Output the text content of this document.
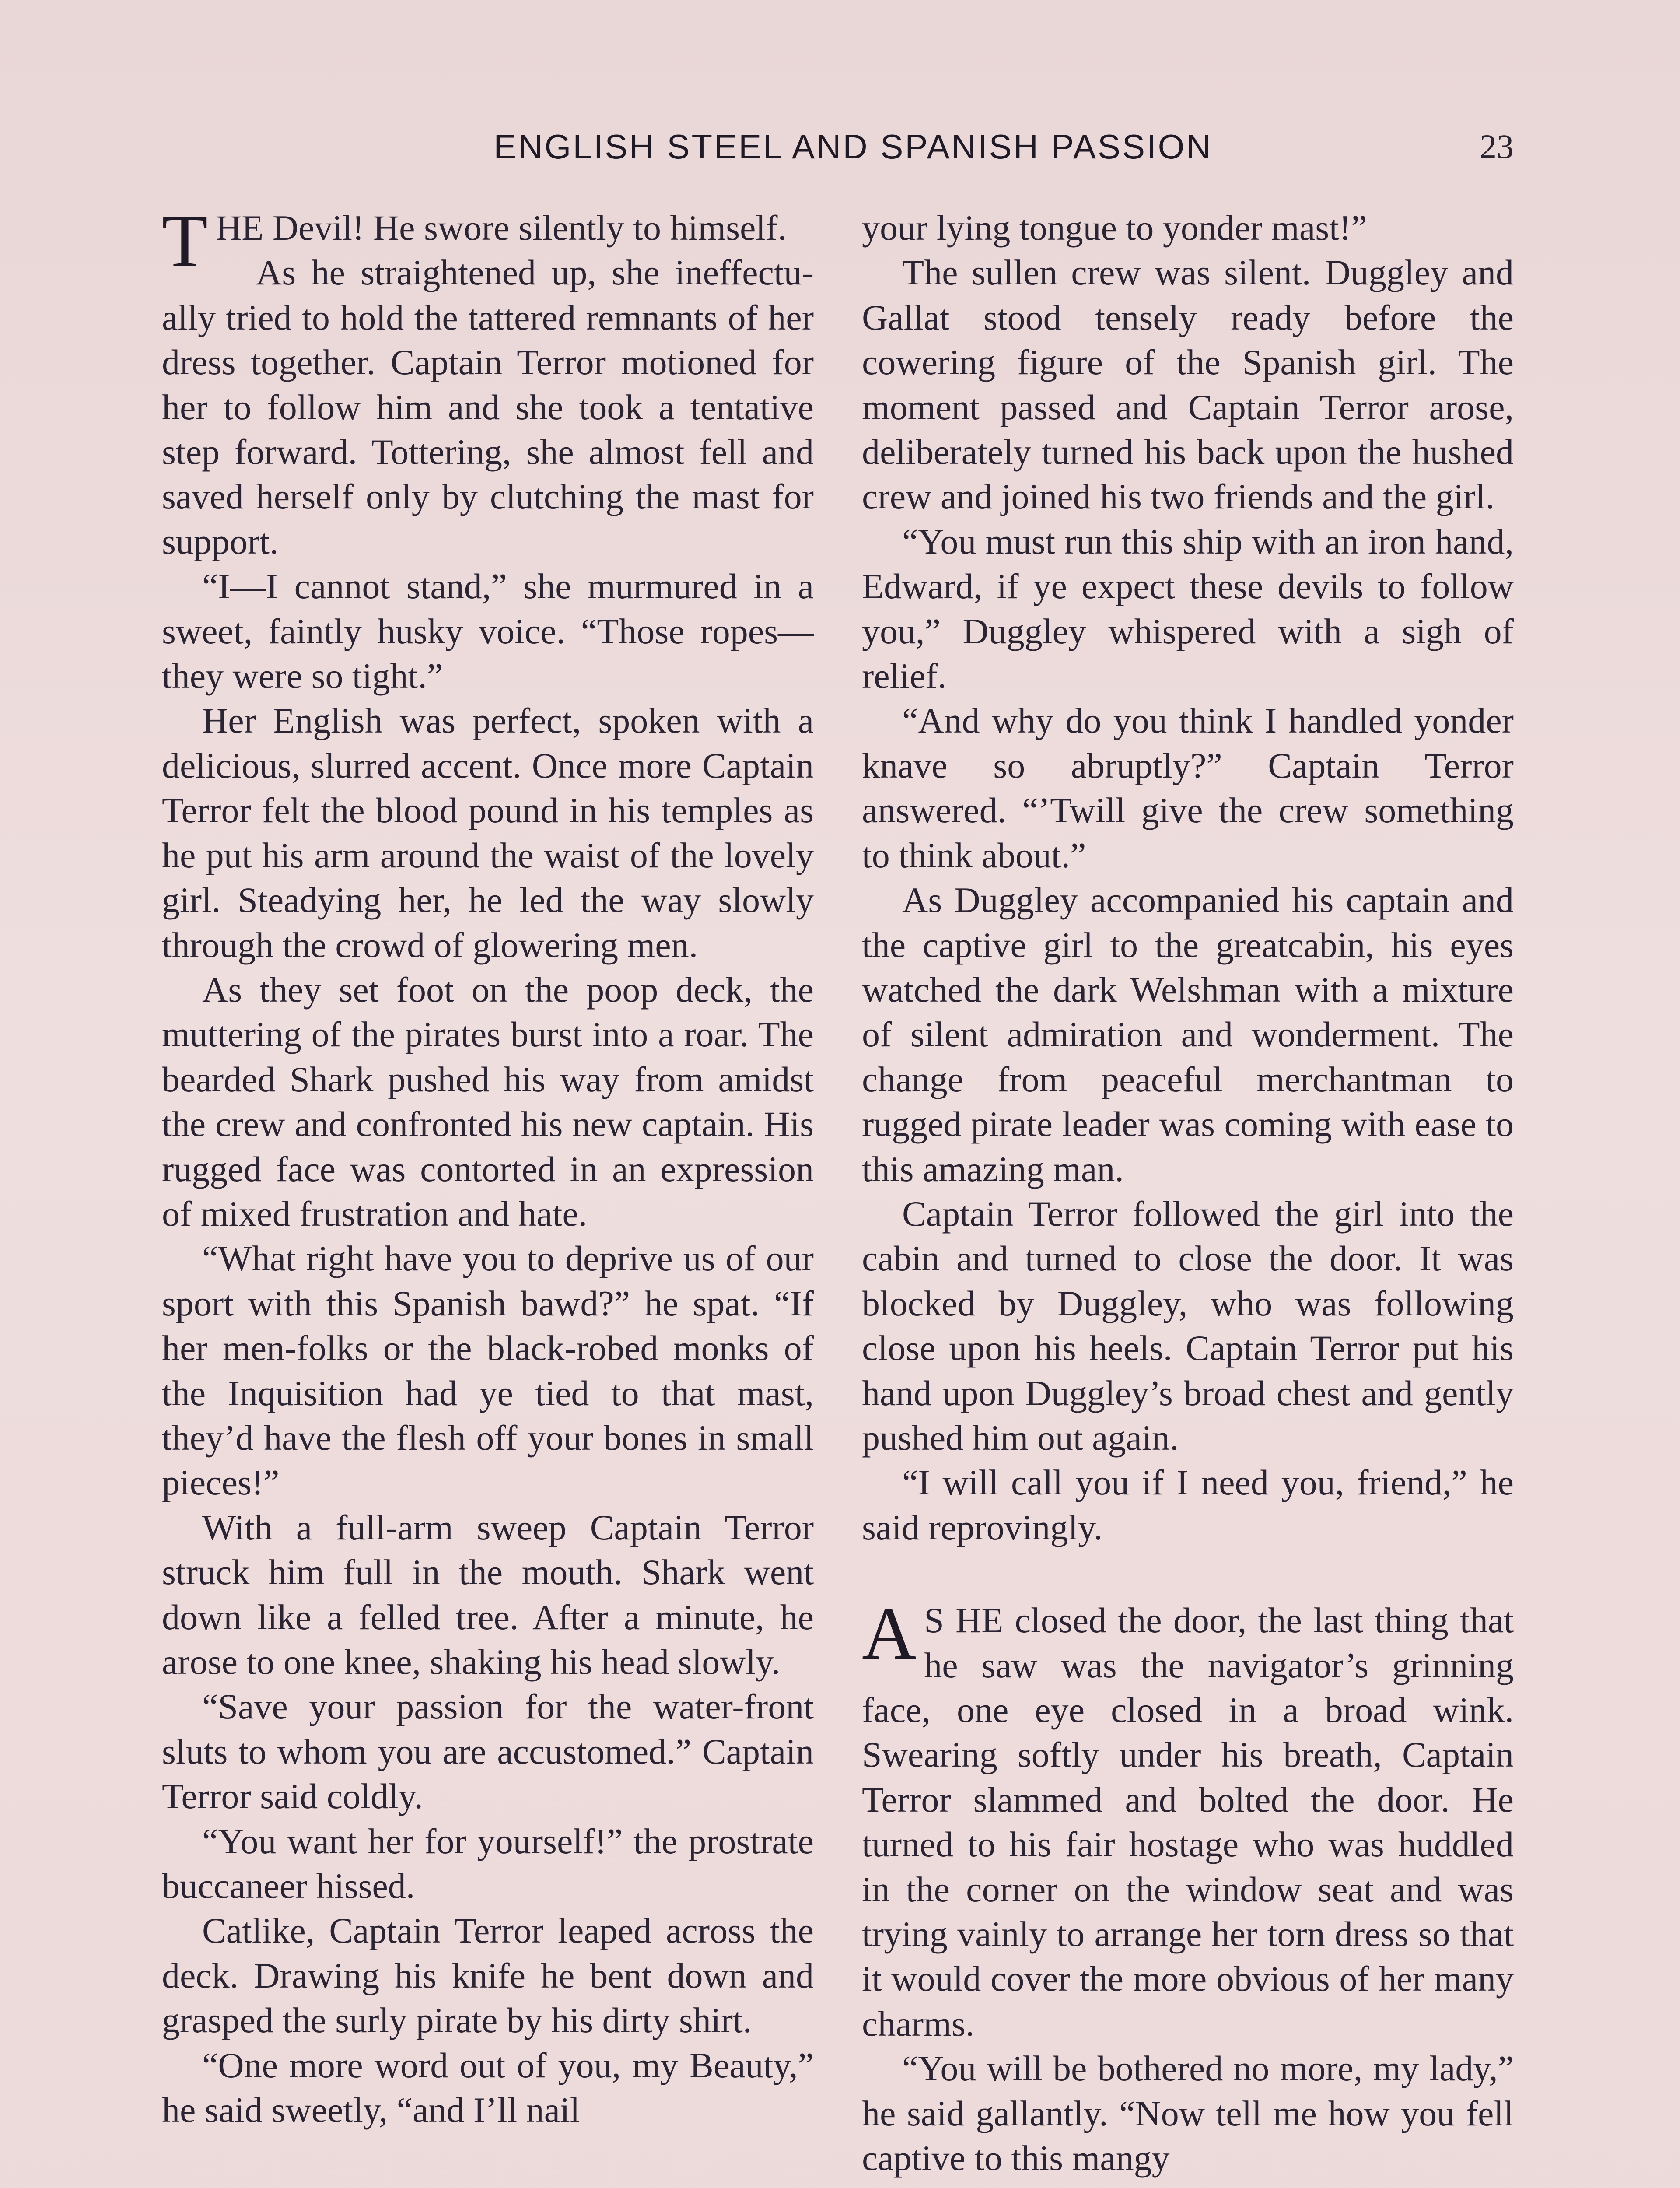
ENGLISH STEEL AND SPANISH PASSION	23

THE Devil! He swore silently to himself.

As he straightened up, she ineffectually tried to hold the tattered remnants of her dress together. Captain Terror motioned for her to follow him and she took a tentative step forward. Tottering, she almost fell and saved herself only by clutching the mast for support.

“I—I cannot stand,” she murmured in a sweet, faintly husky voice. “Those ropes—they were so tight.”

Her English was perfect, spoken with a delicious, slurred accent. Once more Captain Terror felt the blood pound in his temples as he put his arm around the waist of the lovely girl. Steadying her, he led the way slowly through the crowd of glowering men.

As they set foot on the poop deck, the muttering of the pirates burst into a roar. The bearded Shark pushed his way from amidst the crew and confronted his new captain. His rugged face was contorted in an expression of mixed frustration and hate.

“What right have you to deprive us of our sport with this Spanish bawd?” he spat. “If her men-folks or the black-robed monks of the Inquisition had ye tied to that mast, they’d have the flesh off your bones in small pieces!”

With a full-arm sweep Captain Terror struck him full in the mouth. Shark went down like a felled tree. After a minute, he arose to one knee, shaking his head slowly.

“Save your passion for the water-front sluts to whom you are accustomed.” Captain Terror said coldly.

“You want her for yourself!” the prostrate buccaneer hissed.

Catlike, Captain Terror leaped across the deck. Drawing his knife he bent down and grasped the surly pirate by his dirty shirt.

“One more word out of you, my Beauty,” he said sweetly, “and I’ll nail

your lying tongue to yonder mast!”

The sullen crew was silent. Duggley and Gallat stood tensely ready before the cowering figure of the Spanish girl. The moment passed and Captain Terror arose, deliberately turned his back upon the hushed crew and joined his two friends and the girl.

“You must run this ship with an iron hand, Edward, if ye expect these devils to follow you,” Duggley whispered with a sigh of relief.

“And why do you think I handled yonder knave so abruptly?” Captain Terror answered. “’Twill give the crew something to think about.”

As Duggley accompanied his captain and the captive girl to the greatcabin, his eyes watched the dark Welshman with a mixture of silent admiration and wonderment. The change from peaceful merchantman to rugged pirate leader was coming with ease to this amazing man.

Captain Terror followed the girl into the cabin and turned to close the door. It was blocked by Duggley, who was following close upon his heels. Captain Terror put his hand upon Duggley’s broad chest and gently pushed him out again.

“I will call you if I need you, friend,” he said reprovingly.

A S HE closed the door, the last thing that he saw was the navigator’s grinning face, one eye closed in a broad wink. Swearing softly under his breath, Captain Terror slammed and bolted the door. He turned to his fair hostage who was huddled in the corner on the window seat and was trying vainly to arrange her torn dress so that it would cover the more obvious of her many charms.

“You will be bothered no more, my lady,” he said gallantly. “Now tell me how you fell captive to this mangy
